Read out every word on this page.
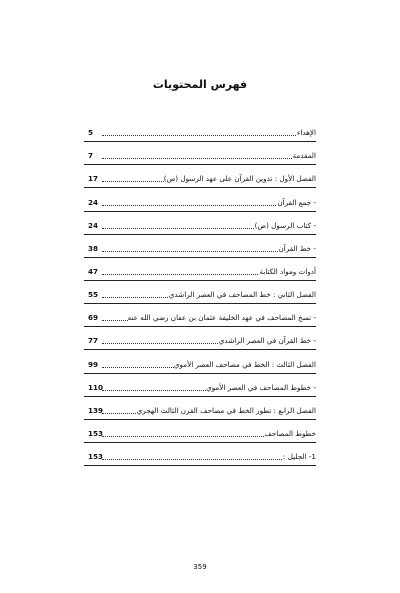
فهرس المحتويات
الإهداء
5
المقدمة
7
الفصل الأول : تدوين القرآن على عهد الرسول (ص)
17
- جمع القرآن
24
- كتاب الرسول (ص)
24
- خط القرآن
38
أدوات ومواد الكتابة
47
الفصل الثاني : خط المصاحف في العصر الراشدي
55
- نسخ المصاحف في عهد الخليفة عثمان بن عفان رضي الله عنه
69
- خط القرآن في العصر الراشدي
77
الفصل الثالث : الخط في مصاحف العصر الأموي
99
- خطوط المصاحف في العصر الأموي
110
الفصل الرابع : تطور الخط في مصاحف القرن الثالث الهجري
139
خطوط المصاحف
153
1- الجليل :
153
359
